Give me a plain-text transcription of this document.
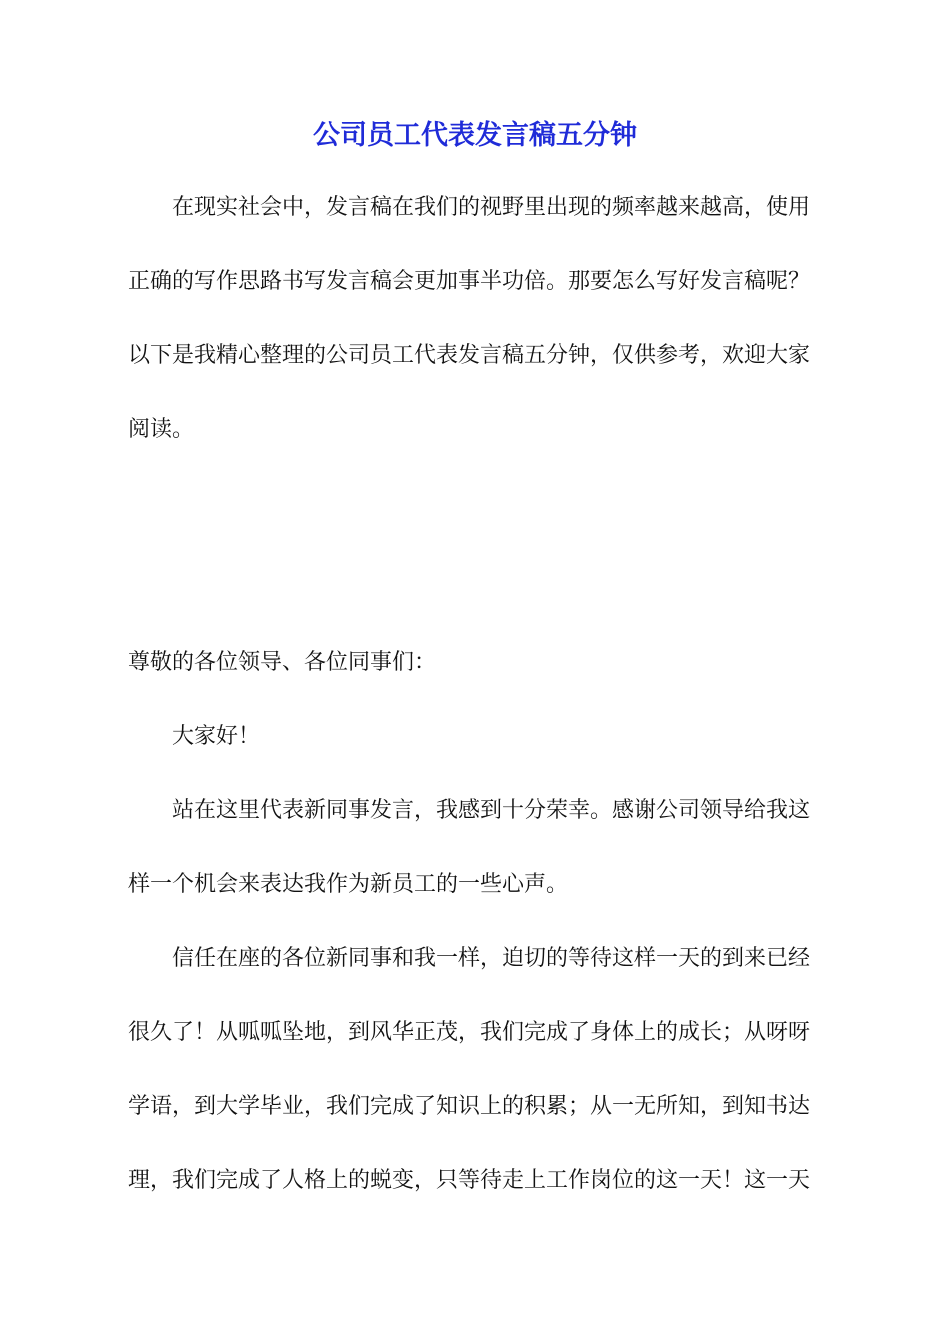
公司员工代表发言稿五分钟
在现实社会中，发言稿在我们的视野里出现的频率越来越高，使用
正确的写作思路书写发言稿会更加事半功倍。那要怎么写好发言稿呢？
以下是我精心整理的公司员工代表发言稿五分钟，仅供参考，欢迎大家
阅读。
尊敬的各位领导、各位同事们：
大家好！
站在这里代表新同事发言，我感到十分荣幸。感谢公司领导给我这
样一个机会来表达我作为新员工的一些心声。
信任在座的各位新同事和我一样，迫切的等待这样一天的到来已经
很久了！从呱呱坠地，到风华正茂，我们完成了身体上的成长；从呀呀
学语，到大学毕业，我们完成了知识上的积累；从一无所知，到知书达
理，我们完成了人格上的蜕变，只等待走上工作岗位的这一天！这一天
